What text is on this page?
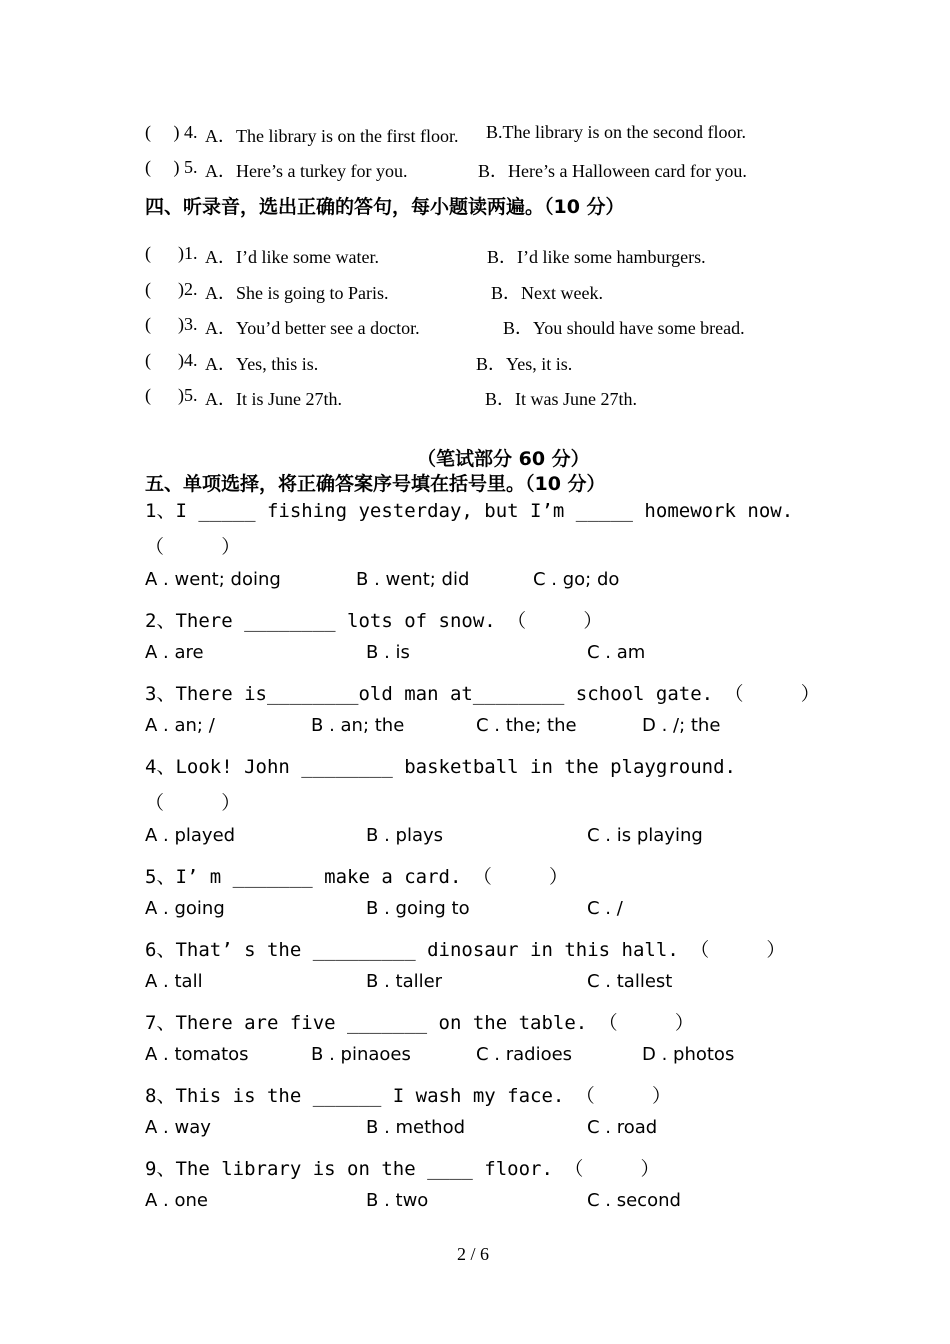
(     ) 4. A．The library is on the first floor. B.The library is on the second floor.
(     ) 5. A．Here’s a turkey for you.	B．Here’s a Halloween card for you.
四、听录音，选出正确的答句，每小题读两遍。（10 分）
(      )1. A．I’d like some water.	B．I’d like some hamburgers.
(      )2. A．She is going to Paris.	B．Next week.
(      )3. A．You’d better see a doctor.	B．You should have some bread.
(      )4. A．Yes, this is.	B．Yes, it is.
(      )5. A．It is June 27th.	B．It was June 27th.
（笔试部分 60 分）
五、单项选择，将正确答案序号填在括号里。（10 分）
1、I _____ fishing yesterday, but I’m _____ homework now.
（     ）
A . went; doing	B . went; did	C . go; do
2、There ________ lots of snow. （     ）
A . are	B . is	C . am
3、There is________old man at________ school gate. （     ）
A . an; /	B . an; the	C . the; the	D . /; the
4、Look! John ________ basketball in the playground.
（     ）
A . played	B . plays	C . is playing
5、I’ m _______ make a card. （     ）
A . going	B . going to	C . /
6、That’ s the _________ dinosaur in this hall. （     ）
A . tall	B . taller	C . tallest
7、There are five _______ on the table. （     ）
A . tomatos	B . pinaoes	C . radioes	D . photos
8、This is the ______ I wash my face. （     ）
A . way	B . method	C . road
9、The library is on the ____ floor. （     ）
A . one	B . two	C . second
2 / 6
